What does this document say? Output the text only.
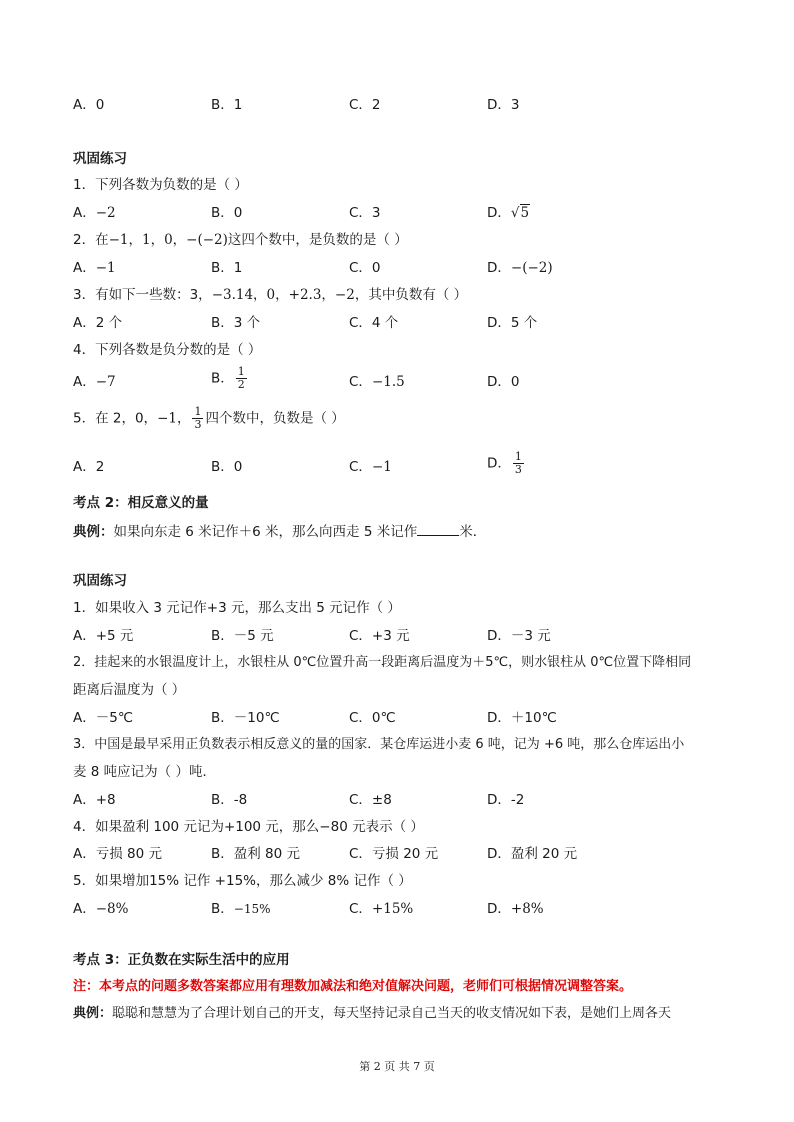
A．0	B．1	C．2	D．3
巩固练习
1．下列各数为负数的是（ ）
A．−2	B．0	C．3	D．√5
2．在−1，1，0，−(−2)这四个数中，是负数的是（ ）
A．−1	B．1	C．0	D．−(−2)
3．有如下一些数：3，−3.14，0，+2.3，−2，其中负数有（ ）
A．2 个	B．3 个	C．4 个	D．5 个
4．下列各数是负分数的是（ ）
A．−7	B． $\frac{1}{2}$	C．−1.5	D．0
5．在 2，0，−1， $\frac{1}{3}$ 四个数中，负数是（ ）
A．2	B．0	C．−1	D． $\frac{1}{3}$
考点 2：相反意义的量
典例：如果向东走 6 米记作＋6 米，那么向西走 5 米记作	米．
巩固练习
1．如果收入 3 元记作+3 元，那么支出 5 元记作（ ）
A．+5 元	B．－5 元	C．+3 元	D．－3 元
2．挂起来的水银温度计上，水银柱从 0℃位置升高一段距离后温度为＋5℃，则水银柱从 0℃位置下降相同
距离后温度为（ ）
A．－5℃	B．－10℃	C．0℃	D．＋10℃
3．中国是最早采用正负数表示相反意义的量的国家．某仓库运进小麦 6 吨，记为 +6 吨，那么仓库运出小
麦 8 吨应记为（ ）吨．
A．+8	B．-8	C．±8	D．-2
4．如果盈利 100 元记为+100 元，那么−80 元表示（ ）
A．亏损 80 元	B．盈利 80 元	C．亏损 20 元	D．盈利 20 元
5．如果增加15% 记作 +15%，那么减少 8% 记作（ ）
A．−8%	B．−15%	C．+15%	D．+8%
考点 3：正负数在实际生活中的应用
注：本考点的问题多数答案都应用有理数加减法和绝对值解决问题，老师们可根据情况调整答案。
典例：聪聪和慧慧为了合理计划自己的开支，每天坚持记录自己当天的收支情况如下表，是她们上周各天
第 2 页 共 7 页
